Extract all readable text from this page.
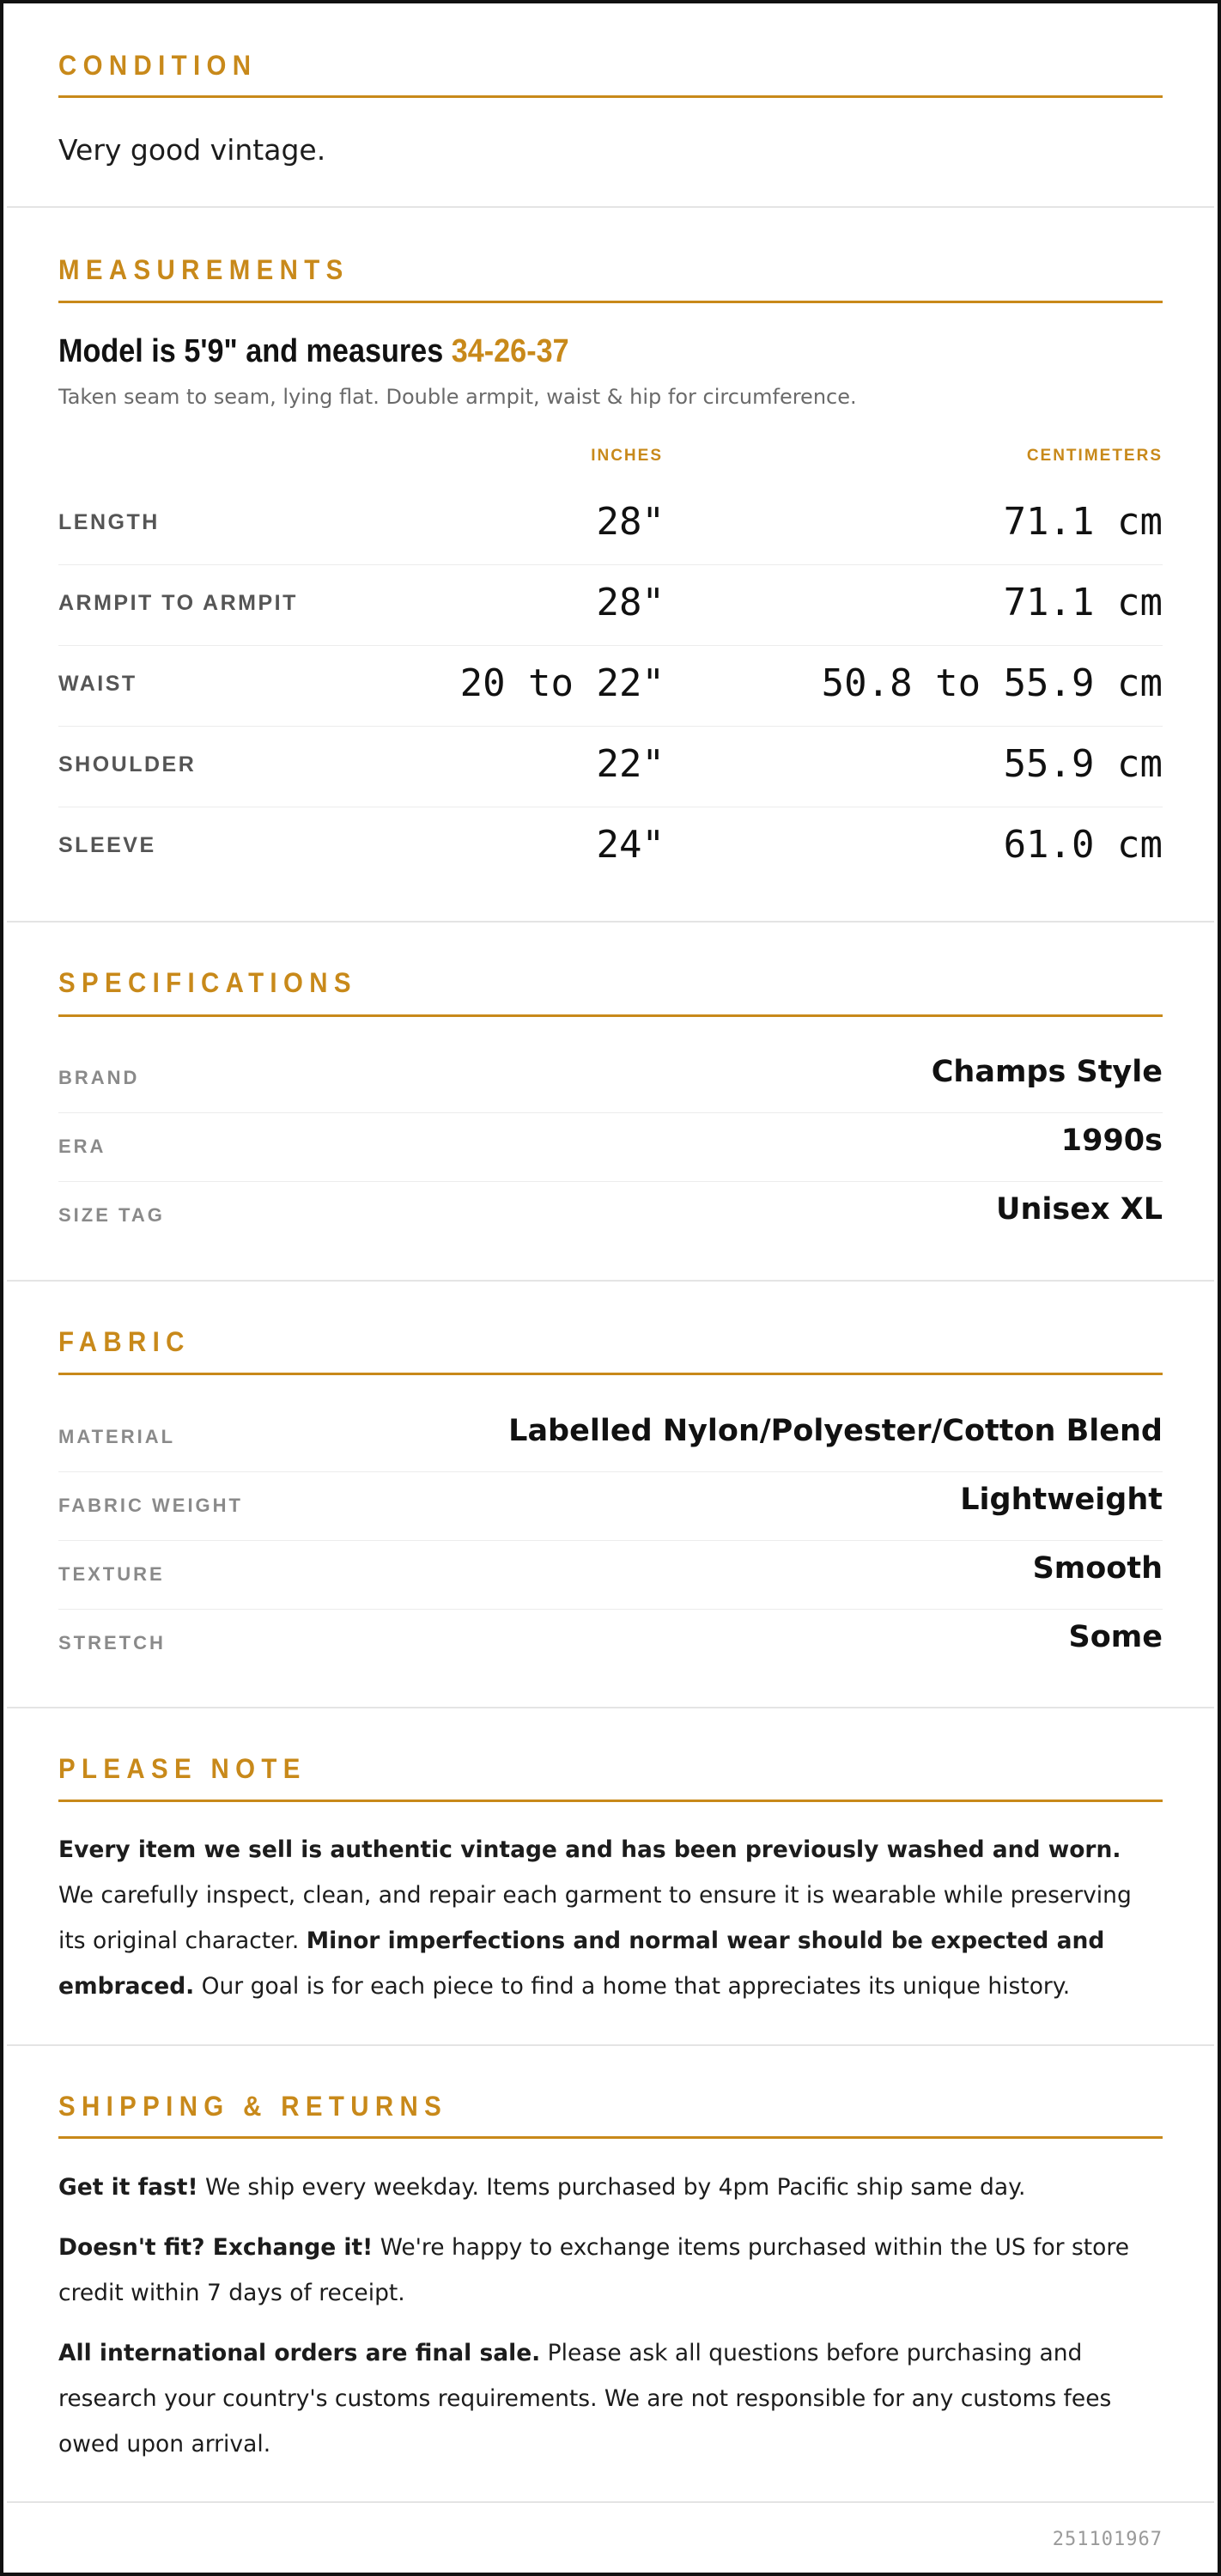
CONDITION
Very good vintage.
MEASUREMENTS
Model is 5'9" and measures 34-26-37
Taken seam to seam, lying flat. Double armpit, waist & hip for circumference.
INCHES	CENTIMETERS
LENGTH	28"	71.1 cm
ARMPIT TO ARMPIT	28"	71.1 cm
WAIST	20 to 22"	50.8 to 55.9 cm
SHOULDER	22"	55.9 cm
SLEEVE	24"	61.0 cm
SPECIFICATIONS
BRAND	Champs Style
ERA	1990s
SIZE TAG	Unisex XL
FABRIC
MATERIAL	Labelled Nylon/Polyester/Cotton Blend
FABRIC WEIGHT	Lightweight
TEXTURE	Smooth
STRETCH	Some
PLEASE NOTE
Every item we sell is authentic vintage and has been previously washed and worn. We carefully inspect, clean, and repair each garment to ensure it is wearable while preserving its original character. Minor imperfections and normal wear should be expected and embraced. Our goal is for each piece to find a home that appreciates its unique history.
SHIPPING & RETURNS
Get it fast! We ship every weekday. Items purchased by 4pm Pacific ship same day.
Doesn't fit? Exchange it! We're happy to exchange items purchased within the US for store credit within 7 days of receipt.
All international orders are final sale. Please ask all questions before purchasing and research your country's customs requirements. We are not responsible for any customs fees owed upon arrival.
251101967
